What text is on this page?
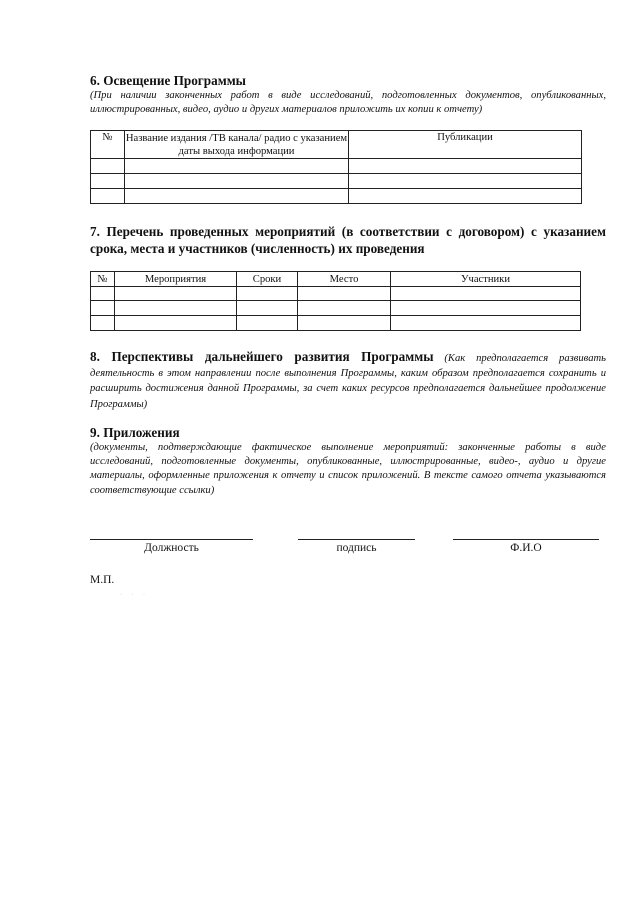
6. Освещение Программы
(При наличии законченных работ в виде исследований, подготовленных документов, опубликованных, иллюстрированных, видео, аудио и других материалов приложить их копии к отчету)
№	Название издания /ТВ канала/ радио с указанием даты выхода информации	Публикации

7. Перечень проведенных мероприятий (в соответствии с договором) с указанием срока, места и участников (численность) их проведения
№	Мероприятия	Сроки	Место	Участники

8. Перспективы дальнейшего развития Программы (Как предполагается развивать деятельность в этом направлении после выполнения Программы, каким образом предполагается сохранить и расширить достижения данной Программы, за счет каких ресурсов предполагается дальнейшее продолжение Программы)
9. Приложения
(документы, подтверждающие фактическое выполнение мероприятий: законченные работы в виде исследований, подготовленные документы, опубликованные, иллюстрированные, видео-, аудио и другие материалы, оформленные приложения к отчету и список приложений. В тексте самого отчета указываются соответствующие ссылки)
Должность	подпись	Ф.И.О
М.П.
· · ·
